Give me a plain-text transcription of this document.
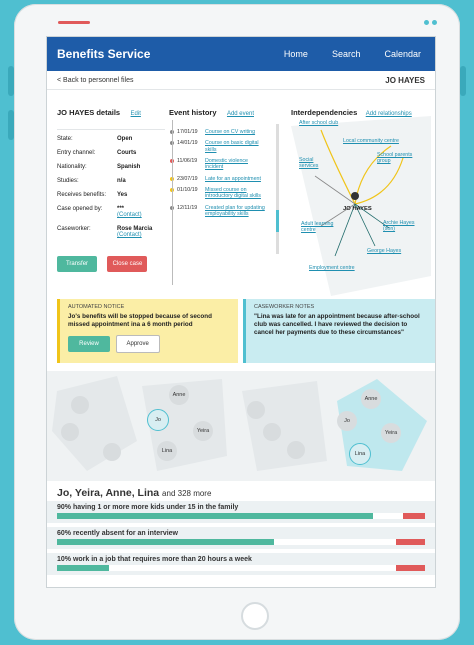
Benefits Service	Home	Search	Calendar
< Back to personnel files	JO HAYES
JO HAYES details Edit
State:	Open
Entry channel:	Courts
Nationality:	Spanish
Studies:	n/a
Receives benefits:	Yes
Case opened by:	***
(Contact)
Caseworker:	Rose Marcia
(Contact)
Transfer	Close case
Event history Add event
17/01/19	Course on CV writing
14/01/19	Course on basic digital skills
11/06/19	Domestic violence incident
23/07/19	Late for an appointment
01/10/19	Missed course on introductory digital skills
12/11/19	Created plan for updating employability skills
Interdependencies Add relationships
JO HAYES
After school club
Local community centre
School parents group
Social services
Adult learning centre
Archie Hayes (son)
George Hayes
Employment centre
AUTOMATED NOTICE
Jo's benefits will be stopped because of second missed appointment ina a 6 month period
Review	Approve
CASEWORKER NOTES
"Lina was late for an appointment because after-school club was cancelled. I have reviewed the decision to cancel her payments due to these circumstances"
Anne
Jo
Yeira
Lina
Anne
Jo
Yeira
Lina
Jo, Yeira, Anne, Lina and 328 more
90% having 1 or more more kids under 15 in the family
60% recently absent for an interview
10% work in a job that requires more than 20 hours a week
